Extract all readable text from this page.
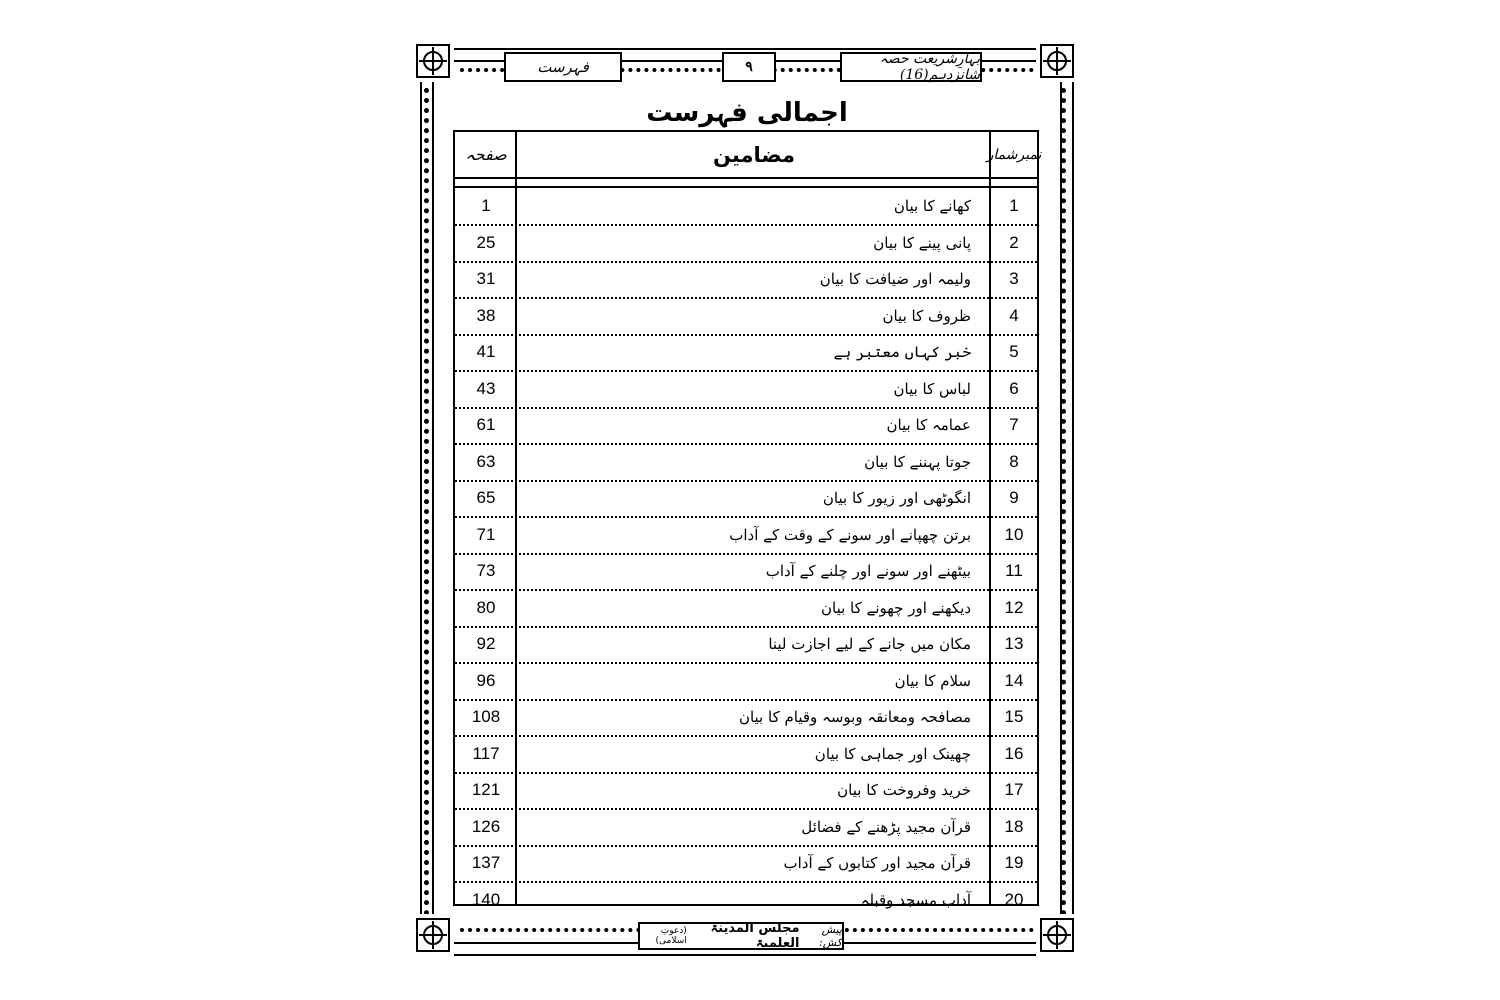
فہرست	۹	بہارِشریعت حصہ شانزدہم(16)
اجمالی فہرست
صفحہ	مضامین	نمبرشمار
1	کھانے کا بیان	1
25	پانی پینے کا بیان	2
31	ولیمہ اور ضیافت کا بیان	3
38	ظروف کا بیان	4
41	خبر کہاں معتبر ہے	5
43	لباس کا بیان	6
61	عمامہ کا بیان	7
63	جوتا پہننے کا بیان	8
65	انگوٹھی اور زیور کا بیان	9
71	برتن چھپانے اور سونے کے وقت کے آداب	10
73	بیٹھنے اور سونے اور چلنے کے آداب	11
80	دیکھنے اور چھونے کا بیان	12
92	مکان میں جانے کے لیے اجازت لینا	13
96	سلام کا بیان	14
108	مصافحہ ومعانقہ وبوسہ وقیام کا بیان	15
117	چھینک اور جماہی کا بیان	16
121	خرید وفروخت کا بیان	17
126	قرآن مجید پڑھنے کے فضائل	18
137	قرآن مجید اور کتابوں کے آداب	19
140	آداب مسجد وقبلہ	20
پیش کش:
مجلس المدینۃ العلمیۃ
(دعوتِ اسلامی)
